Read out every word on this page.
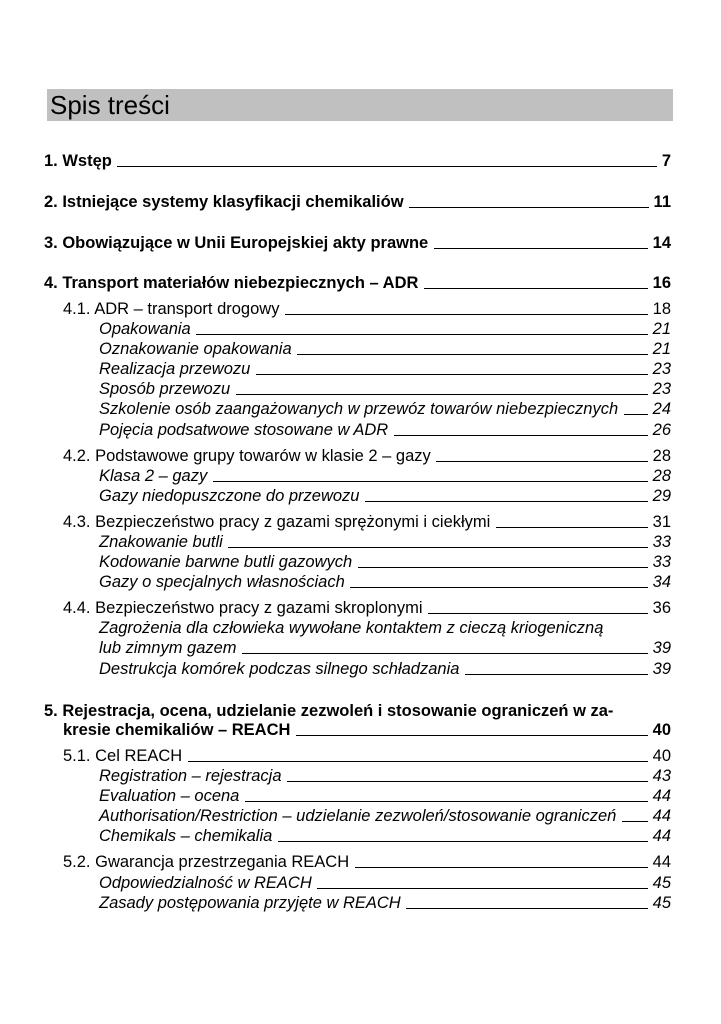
Spis treści
1. Wstęp	7
2. Istniejące systemy klasyfikacji chemikaliów	11
3. Obowiązujące w Unii Europejskiej akty prawne	14
4. Transport materiałów niebezpiecznych – ADR	16
4.1. ADR – transport drogowy	18
Opakowania	21
Oznakowanie opakowania	21
Realizacja przewozu	23
Sposób przewozu	23
Szkolenie osób zaangażowanych w przewóz towarów niebezpiecznych 24
Pojęcia podsatwowe stosowane w ADR	26
4.2. Podstawowe grupy towarów w klasie 2 – gazy	28
Klasa 2 – gazy	28
Gazy niedopuszczone do przewozu	29
4.3. Bezpieczeństwo pracy z gazami sprężonymi i ciekłymi	31
Znakowanie butli	33
Kodowanie barwne butli gazowych	33
Gazy o specjalnych własnościach	34
4.4. Bezpieczeństwo pracy z gazami skroplonymi	36
Zagrożenia dla człowieka wywołane kontaktem z cieczą kriogeniczną
lub zimnym gazem	39
Destrukcja komórek podczas silnego schładzania	39
5. Rejestracja, ocena, udzielanie zezwoleń i stosowanie ograniczeń w za-
kresie chemikaliów – REACH	40
5.1. Cel REACH	40
Registration – rejestracja	43
Evaluation – ocena	44
Authorisation/Restriction – udzielanie zezwoleń/stosowanie ograniczeń 44
Chemikals – chemikalia	44
5.2. Gwarancja przestrzegania REACH	44
Odpowiedzialność w REACH	45
Zasady postępowania przyjęte w REACH	45
